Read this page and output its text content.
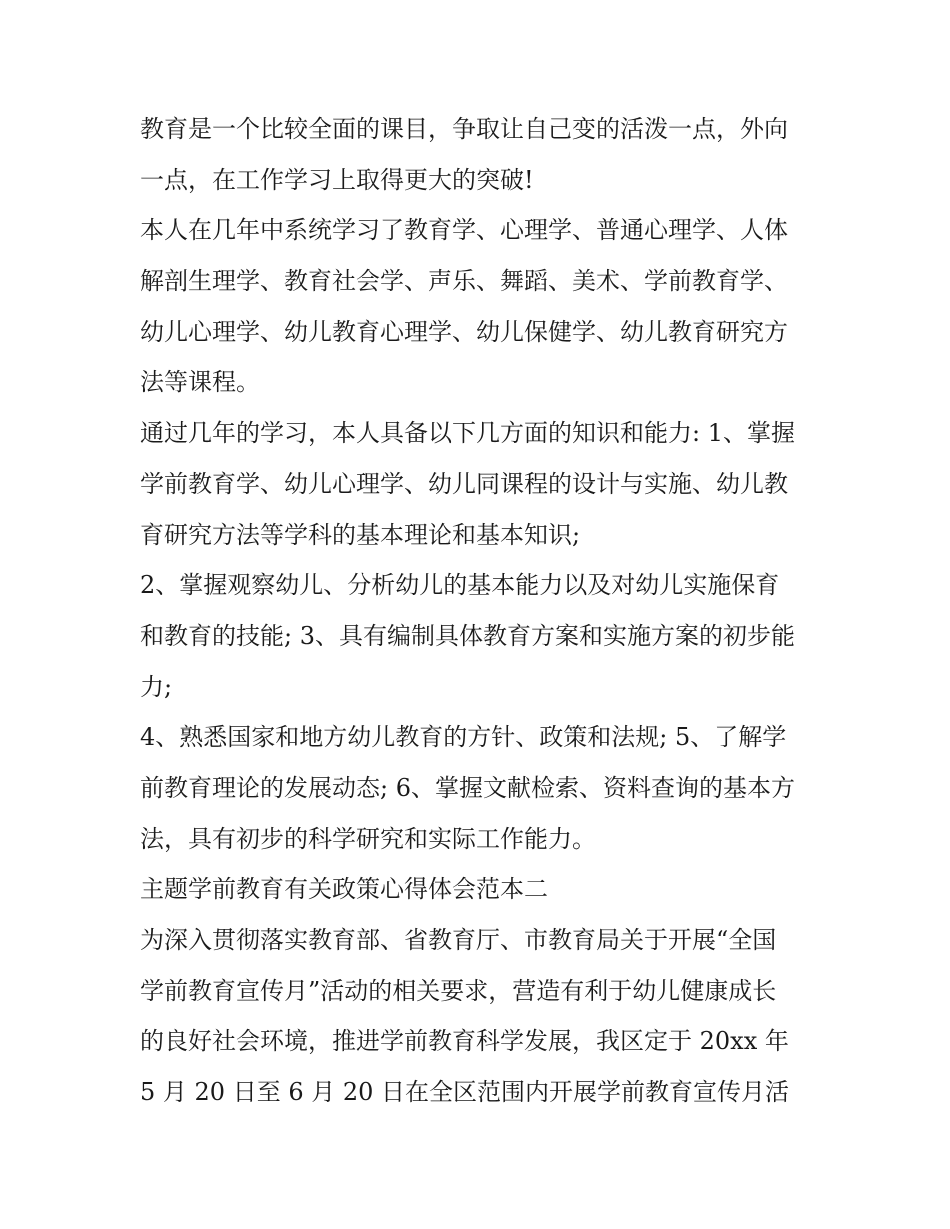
教育是一个比较全面的课目，争取让自己变的活泼一点，外向
一点，在工作学习上取得更大的突破!
本人在几年中系统学习了教育学、心理学、普通心理学、人体
解剖生理学、教育社会学、声乐、舞蹈、美术、学前教育学、
幼儿心理学、幼儿教育心理学、幼儿保健学、幼儿教育研究方
法等课程。
通过几年的学习，本人具备以下几方面的知识和能力: 1、掌握
学前教育学、幼儿心理学、幼儿同课程的设计与实施、幼儿教
育研究方法等学科的基本理论和基本知识;
2、掌握观察幼儿、分析幼儿的基本能力以及对幼儿实施保育
和教育的技能; 3、具有编制具体教育方案和实施方案的初步能
力;
4、熟悉国家和地方幼儿教育的方针、政策和法规; 5、了解学
前教育理论的发展动态; 6、掌握文献检索、资料查询的基本方
法，具有初步的科学研究和实际工作能力。
主题学前教育有关政策心得体会范本二
为深入贯彻落实教育部、省教育厅、市教育局关于开展“全国
学前教育宣传月”活动的相关要求，营造有利于幼儿健康成长
的良好社会环境，推进学前教育科学发展，我区定于 20xx 年
5 月 20 日至 6 月 20 日在全区范围内开展学前教育宣传月活
